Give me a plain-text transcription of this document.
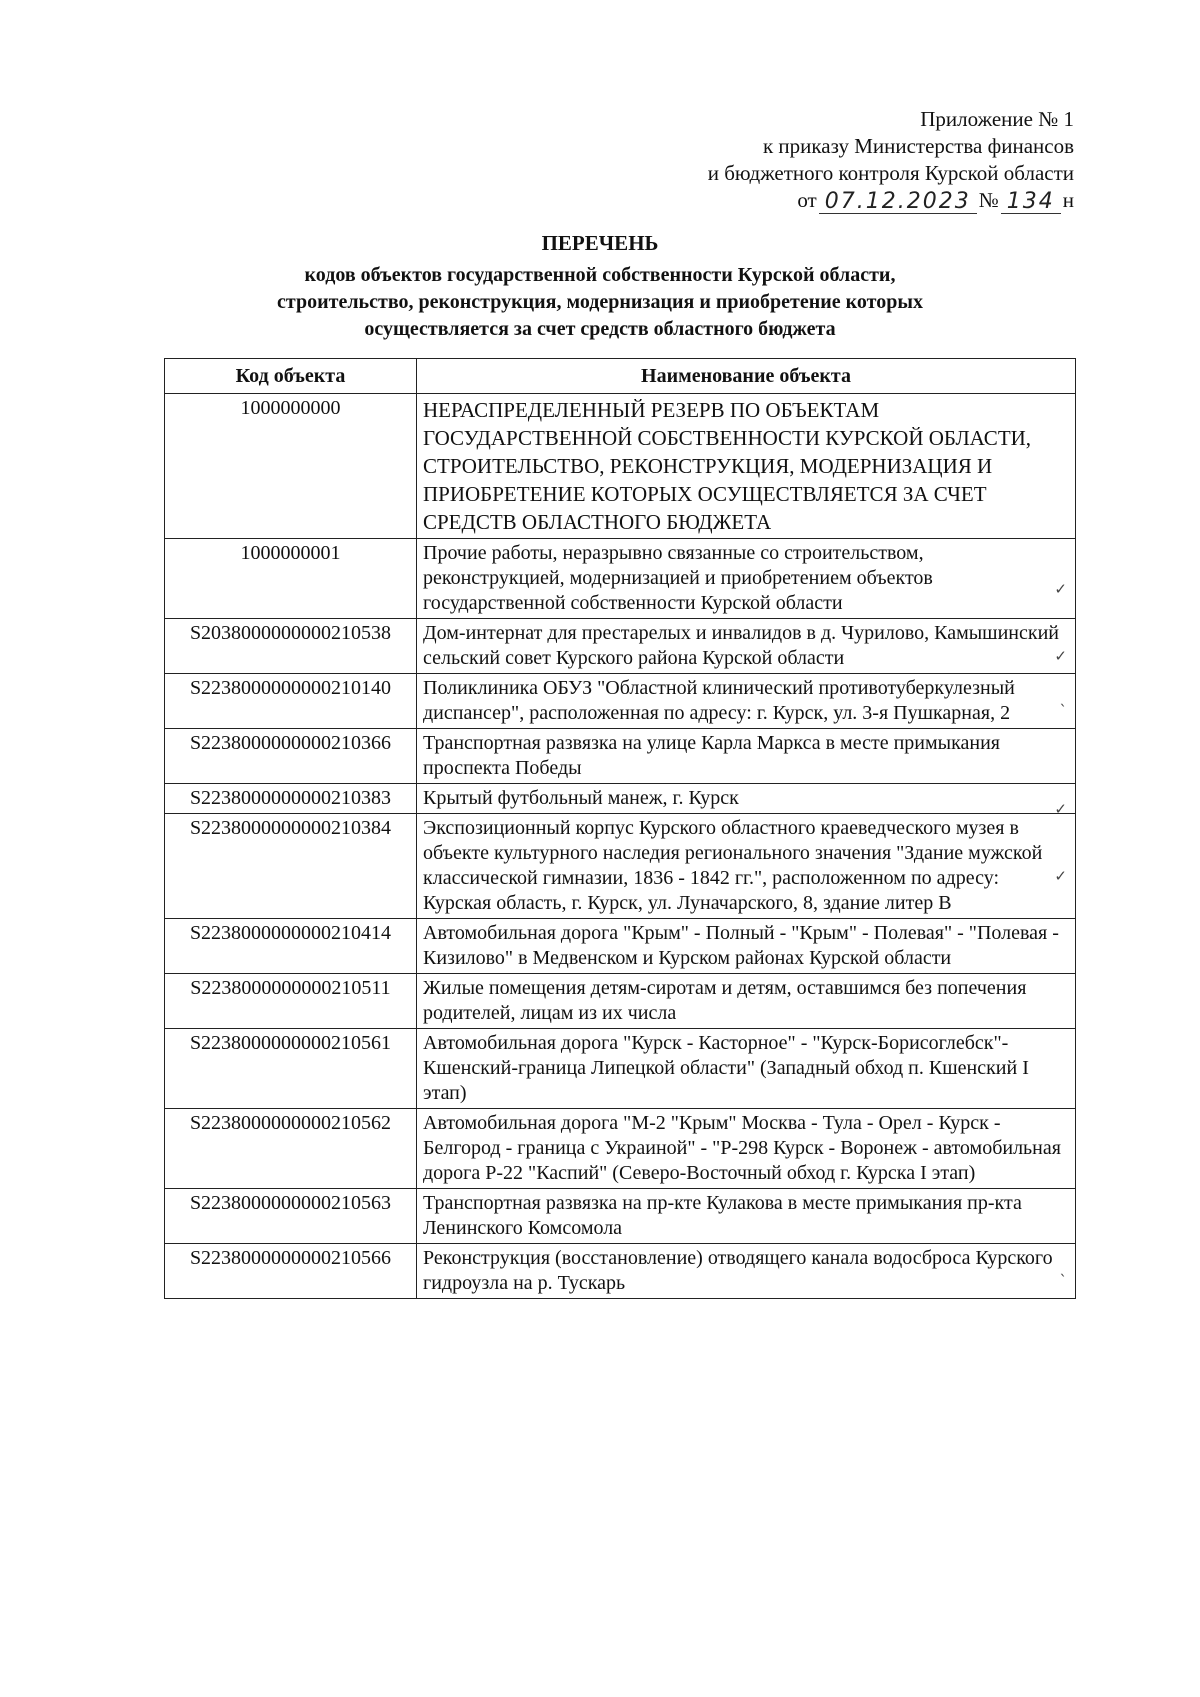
Приложение № 1
к приказу Министерства финансов
и бюджетного контроля Курской области
от 07.12.2023 № 134 н
ПЕРЕЧЕНЬ
кодов объектов государственной собственности Курской области,
строительство, реконструкция, модернизация и приобретение которых
осуществляется за счет средств областного бюджета
Код объекта	Наименование объекта
1000000000	НЕРАСПРЕДЕЛЕННЫЙ РЕЗЕРВ ПО ОБЪЕКТАМ ГОСУДАРСТВЕННОЙ СОБСТВЕННОСТИ КУРСКОЙ ОБЛАСТИ, СТРОИТЕЛЬСТВО, РЕКОНСТРУКЦИЯ, МОДЕРНИЗАЦИЯ И ПРИОБРЕТЕНИЕ КОТОРЫХ ОСУЩЕСТВЛЯЕТСЯ ЗА СЧЕТ СРЕДСТВ ОБЛАСТНОГО БЮДЖЕТА
1000000001	Прочие работы, неразрывно связанные со строительством, реконструкцией, модернизацией и приобретением объектов государственной собственности Курской области
✓

S2038000000000210538	Дом-интернат для престарелых и инвалидов в д. Чурилово, Камышинский сельский совет Курского района Курской области ✓

S2238000000000210140	Поликлиника ОБУЗ "Областной клинический противотуберкулезный диспансер", расположенная по адресу: г. Курск, ул. 3-я Пушкарная, 2 ˋ

S2238000000000210366	Транспортная развязка на улице Карла Маркса в месте примыкания проспекта Победы
S2238000000000210383	Крытый футбольный манеж, г. Курск ✓

S2238000000000210384	Экспозиционный корпус Курского областного краеведческого музея в объекте культурного наследия регионального значения "Здание мужской классической гимназии, 1836 - 1842 гг.", расположенном по адресу: Курская область, г. Курск, ул. Луначарского, 8, здание литер В
✓

S2238000000000210414	Автомобильная дорога "Крым" - Полный - "Крым" - Полевая" - "Полевая - Кизилово" в Медвенском и Курском районах Курской области
S2238000000000210511	Жилые помещения детям-сиротам и детям, оставшимся без попечения родителей, лицам из их числа
S2238000000000210561	Автомобильная дорога "Курск - Касторное" - "Курск-Борисоглебск"-Кшенский-граница Липецкой области" (Западный обход п. Кшенский I этап)
S2238000000000210562	Автомобильная дорога "М-2 "Крым" Москва - Тула - Орел - Курск - Белгород - граница с Украиной" - "Р-298 Курск - Воронеж - автомобильная дорога Р-22 "Каспий" (Северо-Восточный обход г. Курска I этап)
S2238000000000210563	Транспортная развязка на пр-кте Кулакова в месте примыкания пр-кта Ленинского Комсомола
S2238000000000210566	Реконструкция (восстановление) отводящего канала водосброса Курского гидроузла на р. Тускарь ˋ
